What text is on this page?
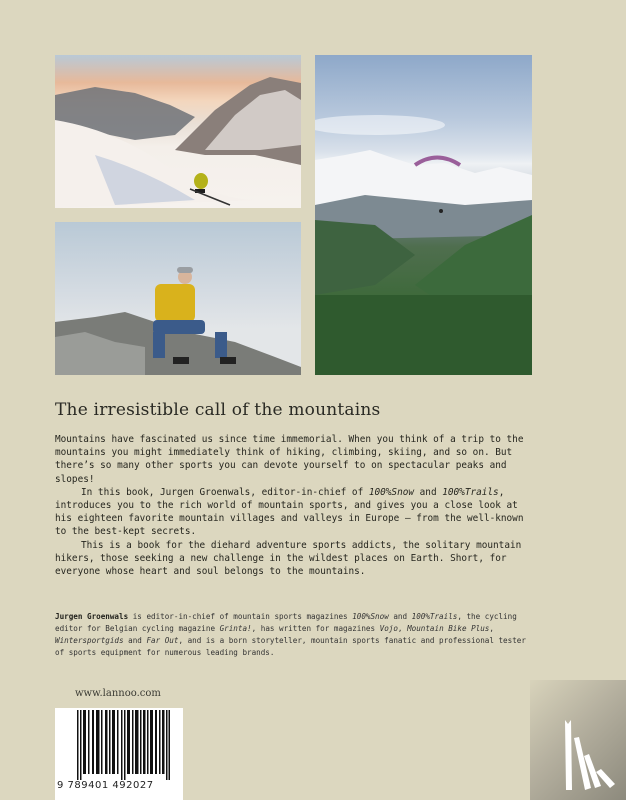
The irresistible call of the mountains

Mountains have fascinated us since time immemorial. When you think of a trip to the mountains you might immediately think of hiking, climbing, skiing, and so on. But there’s so many other sports you can devote yourself to on spectacular peaks and slopes!

In this book, Jurgen Groenwals, editor-in-chief of 100%Snow and 100%Trails, introduces you to the rich world of mountain sports, and gives you a close look at his eighteen favorite mountain villages and valleys in Europe – from the well-known to the best-kept secrets.

This is a book for the diehard adventure sports addicts, the solitary mountain hikers, those seeking a new challenge in the wildest places on Earth. Short, for everyone whose heart and soul belongs to the mountains.

Jurgen Groenwals is editor-in-chief of mountain sports magazines 100%Snow and 100%Trails, the cycling editor for Belgian cycling magazine Grinta!, has written for magazines Vojo, Mountain Bike Plus, Wintersportgids and Far Out, and is a born storyteller, mountain sports fanatic and professional tester of sports equipment for numerous leading brands.
www.lannoo.com
9 789401 492027
